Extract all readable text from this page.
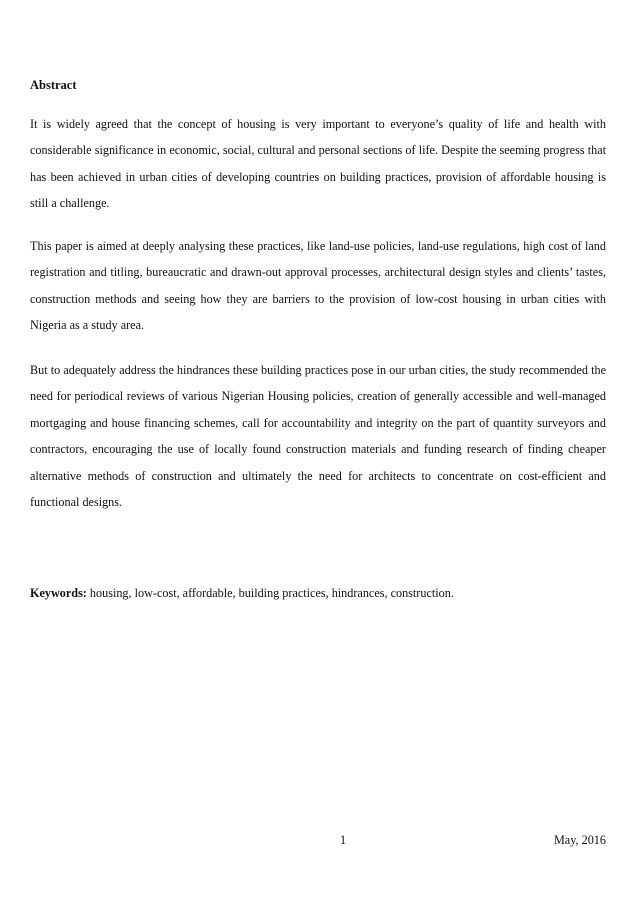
Abstract

It is widely agreed that the concept of housing is very important to everyone’s quality of life and health with considerable significance in economic, social, cultural and personal sections of life. Despite the seeming progress that has been achieved in urban cities of developing countries on building practices, provision of affordable housing is still a challenge.

This paper is aimed at deeply analysing these practices, like land-use policies, land-use regulations, high cost of land registration and titling, bureaucratic and drawn-out approval processes, architectural design styles and clients’ tastes, construction methods and seeing how they are barriers to the provision of low-cost housing in urban cities with Nigeria as a study area.

But to adequately address the hindrances these building practices pose in our urban cities, the study recommended the need for periodical reviews of various Nigerian Housing policies, creation of generally accessible and well-managed mortgaging and house financing schemes, call for accountability and integrity on the part of quantity surveyors and contractors, encouraging the use of locally found construction materials and funding research of finding cheaper alternative methods of construction and ultimately the need for architects to concentrate on cost-efficient and functional designs.

Keywords: housing, low-cost, affordable, building practices, hindrances, construction.

1	May, 2016
